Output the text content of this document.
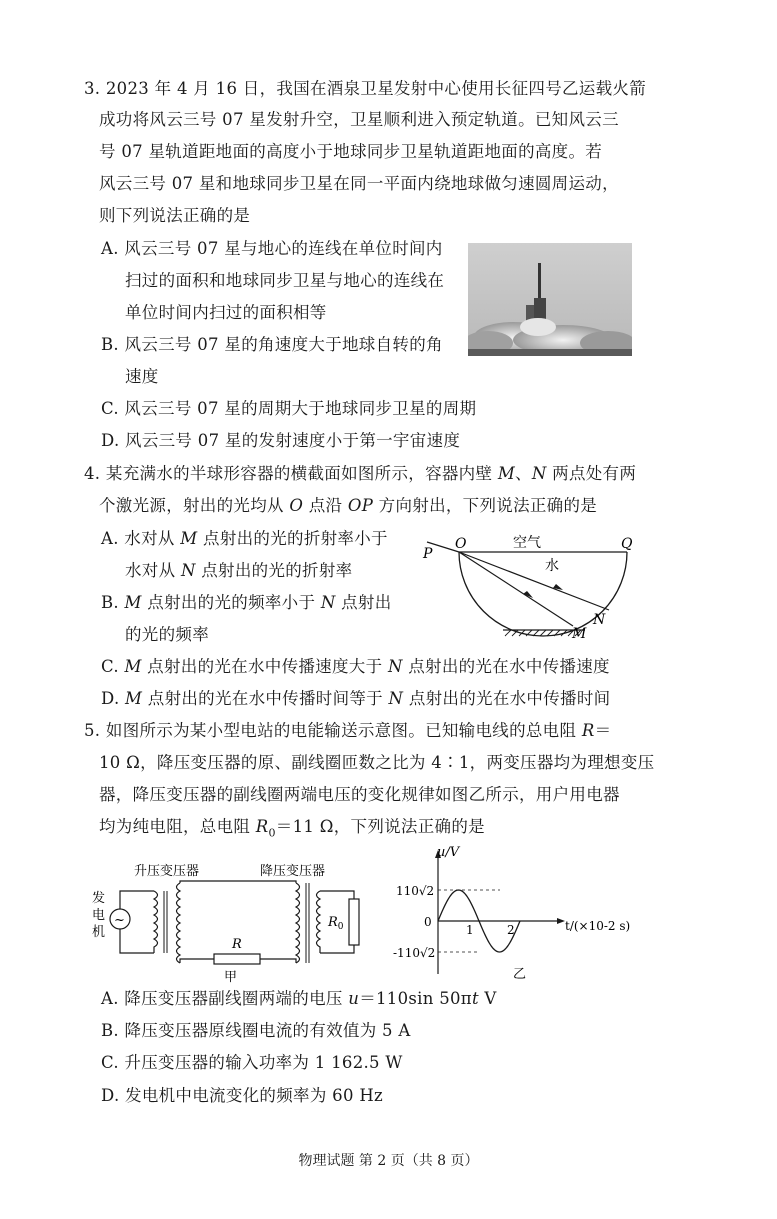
3. 2023 年 4 月 16 日，我国在酒泉卫星发射中心使用长征四号乙运载火箭
成功将风云三号 07 星发射升空，卫星顺利进入预定轨道。已知风云三
号 07 星轨道距地面的高度小于地球同步卫星轨道距地面的高度。若
风云三号 07 星和地球同步卫星在同一平面内绕地球做匀速圆周运动，
则下列说法正确的是
A. 风云三号 07 星与地心的连线在单位时间内
扫过的面积和地球同步卫星与地心的连线在
单位时间内扫过的面积相等
B. 风云三号 07 星的角速度大于地球自转的角
速度
C. 风云三号 07 星的周期大于地球同步卫星的周期
D. 风云三号 07 星的发射速度小于第一宇宙速度
4. 某充满水的半球形容器的横截面如图所示，容器内壁 M、N 两点处有两
个激光源，射出的光均从 O 点沿 OP 方向射出，下列说法正确的是
A. 水对从 M 点射出的光的折射率小于
水对从 N 点射出的光的折射率
B. M 点射出的光的频率小于 N 点射出
的光的频率
C. M 点射出的光在水中传播速度大于 N 点射出的光在水中传播速度
D. M 点射出的光在水中传播时间等于 N 点射出的光在水中传播时间
P
O	Q
空气
水
N
M
5. 如图所示为某小型电站的电能输送示意图。已知输电线的总电阻 R＝
10 Ω，降压变压器的原、副线圈匝数之比为 4∶1，两变压器均为理想变压
器，降压变压器的副线圈两端电压的变化规律如图乙所示，用户用电器
均为纯电阻，总电阻 $R_0=11$ Ω，下列说法正确的是
升压变压器	降压变压器
发
电
机
~
R
$R_0$
甲
u/V
110√2
0
-110√2
1	2	t/(×10-2 s)
乙
A. 降压变压器副线圈两端的电压 u＝110sin 50πt V
B. 降压变压器原线圈电流的有效值为 5 A
C. 升压变压器的输入功率为 1 162.5 W
D. 发电机中电流变化的频率为 60 Hz
物理试题 第 2 页（共 8 页）
